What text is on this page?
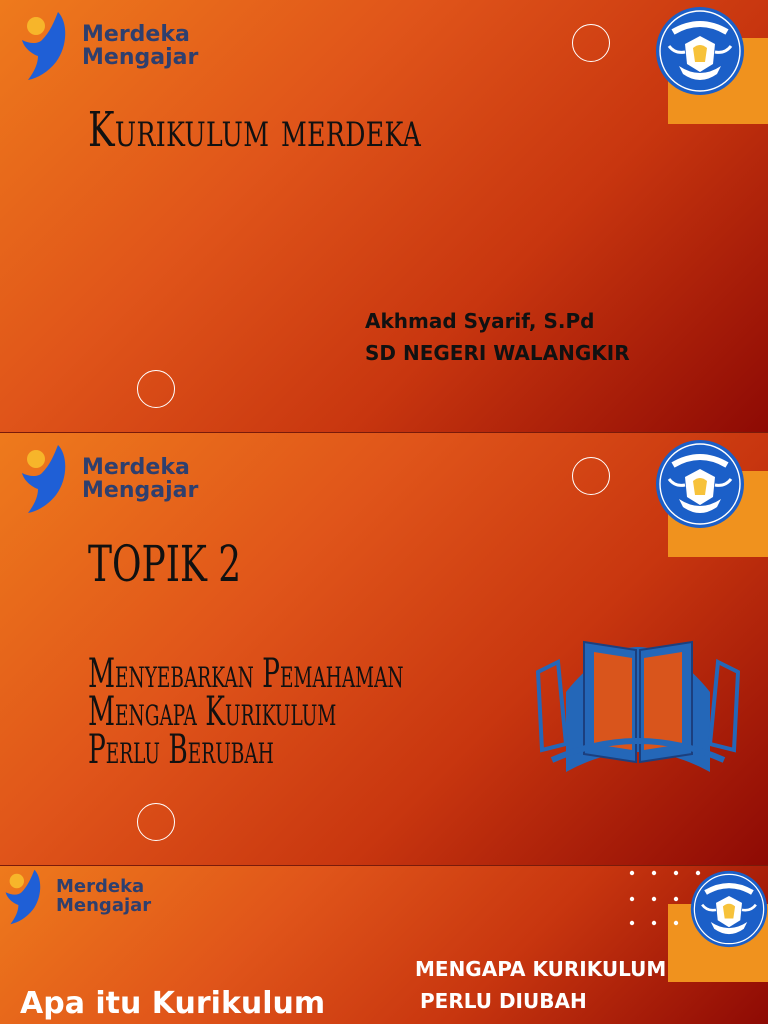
Merdeka
Mengajar
Kurikulum merdeka
Akhmad Syarif, S.Pd
SD NEGERI WALANGKIR
Merdeka
Mengajar
TOPIK 2
Menyebarkan Pemahaman
Mengapa Kurikulum
Perlu Berubah
Merdeka
Mengajar
MENGAPA KURIKULUM
PERLU DIUBAH
Apa itu Kurikulum
